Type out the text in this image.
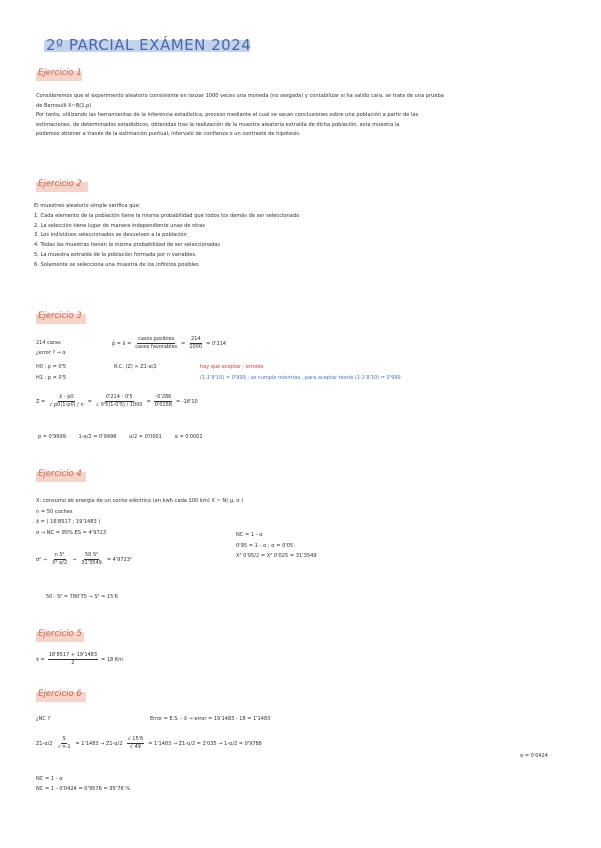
2º PARCIAL EXÁMEN 2024
Ejercicio 1
Consideremos que el experimento aleatorio consistente en lanzar 1000 veces una moneda (no sesgada) y contabilizar si ha salido cara, se trata de una prueba
de Bernoulli X~B(1,p)
Por tanto, utilizando las herramientas de la inferencia estadística, proceso mediante el cual se sacan conclusiones sobre una población a partir de las
estimaciones, de determinados estadísticos, obtenidas tras la realización de la muestra aleatoria extraída de dicha población, esta muestra la
podemos obtener a través de la estimación puntual, intervalo de confianza o un contraste de hipótesis.
Ejercicio 2
El muestreo aleatorio simple verifica que:
1. Cada elemento de la población tiene la misma probabilidad que todos los demás de ser seleccionado
2. La selección tiene lugar de manera independiente unas de otras
3. Los individuos seleccionados se devuelven a la población
4. Todas las muestras tienen la misma probabilidad de ser seleccionadas
5. La muestra extraída de la población formada por n variables.
6. Solamente se selecciona una muestra de los infinitos posibles
Ejercicio 3
214 caras	p̂ = x̄ = $\frac{\text{casos posibles}}{\text{casos favorables}} = \frac{214}{1000} = 0'214$
¿error ? → α
H0 : p = 0'5	R.C. (Z) > Z1-α/2	hay que aceptar ; errores
H1 : p ≠ 0'5	(1-1'8'10) = 0'999 ; se cumple mientras , para aceptar teoría (1-1'8'10) = 0'999
$Z = \frac{x̄ - p0}{√ p0(1-p0) / n} = \frac{0'214 - 0'5}{√ 0'5(1-0'5) / 1000} = \frac{-0'286}{0'0158} = -18'10$
p = 0'9999        1-α/2 = 0'9998        α/2 = 0'0001        α = 0'0002
Ejercicio 4
X: consumo de energía de un coche eléctrico (en kwh cada 100 km) X ~ N( μ, σ )
n = 50 coches
x̄ = ( 16'8517 ; 19'1483 )
σ → NC = 95% ES = 4'9723	NC = 1 - α
0'95 = 1 - α ; α = 0'05
X² 0'05/2 = X² 0'025 = 31'3549
$\sigma^2 \to \frac{\text{n S²}}{\text{X² α/2}} \to \frac{\text{50 S²}}{31'3549} = 4'9723^2$
50 · S² = 780'75 → S² = 15'6
Ejercicio 5
x̄ = $\frac{16'8517 + 19'1483}{2} = 18$ Km
Ejercicio 6
¿NC ?	Error = E.S. - x̄ → error = 19'1483 - 18 = 1'1483
$Z1-\alpha/2 \frac{S}{√ n-1} = 1'1483 \to Z1-\alpha/2 \frac{√ 15'6}{√ 49} = 1'1483 \to Z1-\alpha/2 = 2'035 \to 1-\alpha/2 = 0'9788$
α = 0'0424
NC = 1 - α
NC = 1 - 0'0424 = 0'9576 = 95'76 %
